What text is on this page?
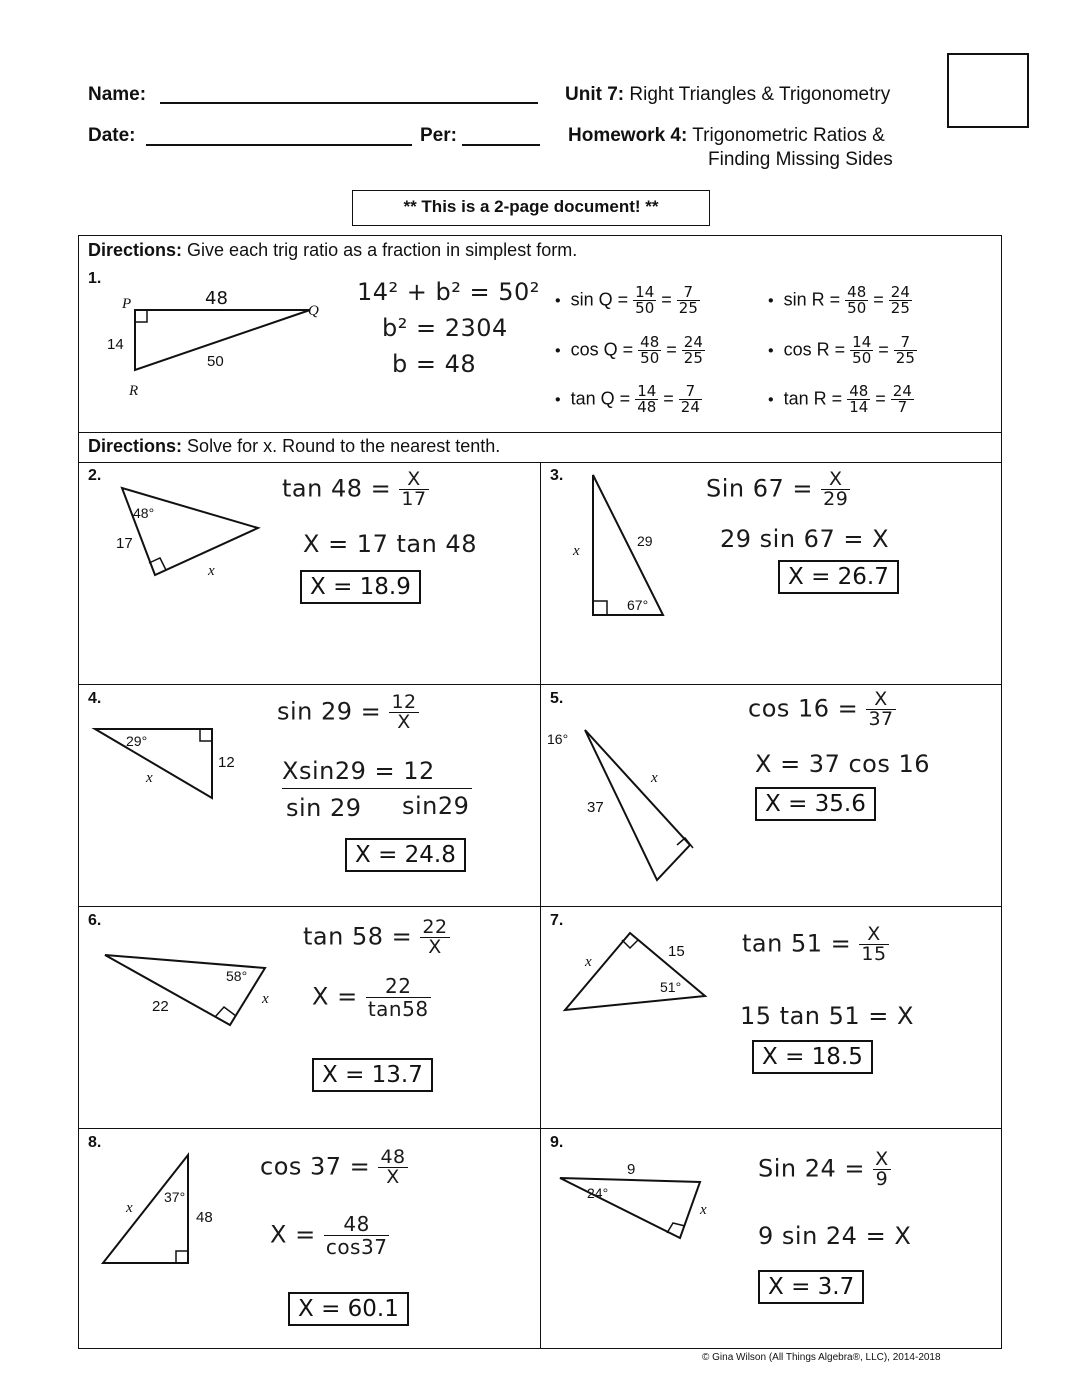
Name:
Date:	Per:
Unit 7: Right Triangles & Trigonometry
Homework 4: Trigonometric Ratios &
Finding Missing Sides
** This is a 2-page document! **
Directions: Give each trig ratio as a fraction in simplest form.
1.
P	Q
R
48
14
50
14² + b² = 50²
b² = 2304
b = 48
• $\sin Q = \frac{14}{50} = \frac{7}{25}$
• $\cos Q = \frac{48}{50} = \frac{24}{25}$
• $\tan Q = \frac{14}{48} = \frac{7}{24}$
• $\sin R = \frac{48}{50} = \frac{24}{25}$
• $\cos R = \frac{14}{50} = \frac{7}{25}$
• $\tan R = \frac{48}{14} = \frac{24}{7}$
Directions: Solve for x. Round to the nearest tenth.
2.
48°
17
x
$\tan 48 = \frac{X}{17}$
X = 17 tan 48
X = 18.9
3.
x
29
67°
Sin $67 = \frac{X}{29}$
29 sin 67 = X
X = 26.7
4.
29°
12
x
$\sin 29 = \frac{12}{X}$
Xsin29 = 12
sin 29 sin29
X = 24.8
5.
16°
x
37
$\cos 16 = \frac{X}{37}$
X = 37 cos 16
X = 35.6
6.
58°
22	x
$\tan 58 = \frac{22}{X}$
$X = \frac{22}{\tan 58}$
X = 13.7
7.
x
15
51°
$\tan 51 = \frac{X}{15}$
15 tan 51 = X
X = 18.5
8.
x
37°
48
$\cos 37 = \frac{48}{X}$
$X = \frac{48}{\cos 37}$
X = 60.1
9.
9
24°
x
Sin $24 = \frac{X}{9}$
9 sin 24 = X
X = 3.7
© Gina Wilson (All Things Algebra®, LLC), 2014-2018
